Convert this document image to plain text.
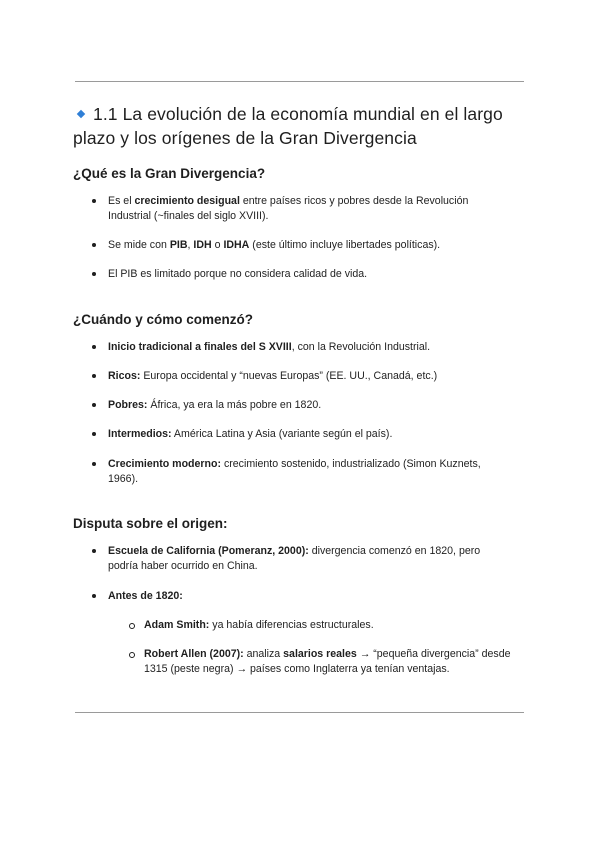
1.1 La evolución de la economía mundial en el largo plazo y los orígenes de la Gran Divergencia
¿Qué es la Gran Divergencia?
Es el crecimiento desigual entre países ricos y pobres desde la Revolución Industrial (~finales del siglo XVIII).
Se mide con PIB, IDH o IDHA (este último incluye libertades políticas).
El PIB es limitado porque no considera calidad de vida.
¿Cuándo y cómo comenzó?
Inicio tradicional a finales del S XVIII, con la Revolución Industrial.
Ricos: Europa occidental y “nuevas Europas” (EE. UU., Canadá, etc.)
Pobres: África, ya era la más pobre en 1820.
Intermedios: América Latina y Asia (variante según el país).
Crecimiento moderno: crecimiento sostenido, industrializado (Simon Kuznets, 1966).
Disputa sobre el origen:
Escuela de California (Pomeranz, 2000): divergencia comenzó en 1820, pero podría haber ocurrido en China.
Antes de 1820:
Adam Smith: ya había diferencias estructurales.
Robert Allen (2007): analiza salarios reales → “pequeña divergencia” desde 1315 (peste negra) → países como Inglaterra ya tenían ventajas.
